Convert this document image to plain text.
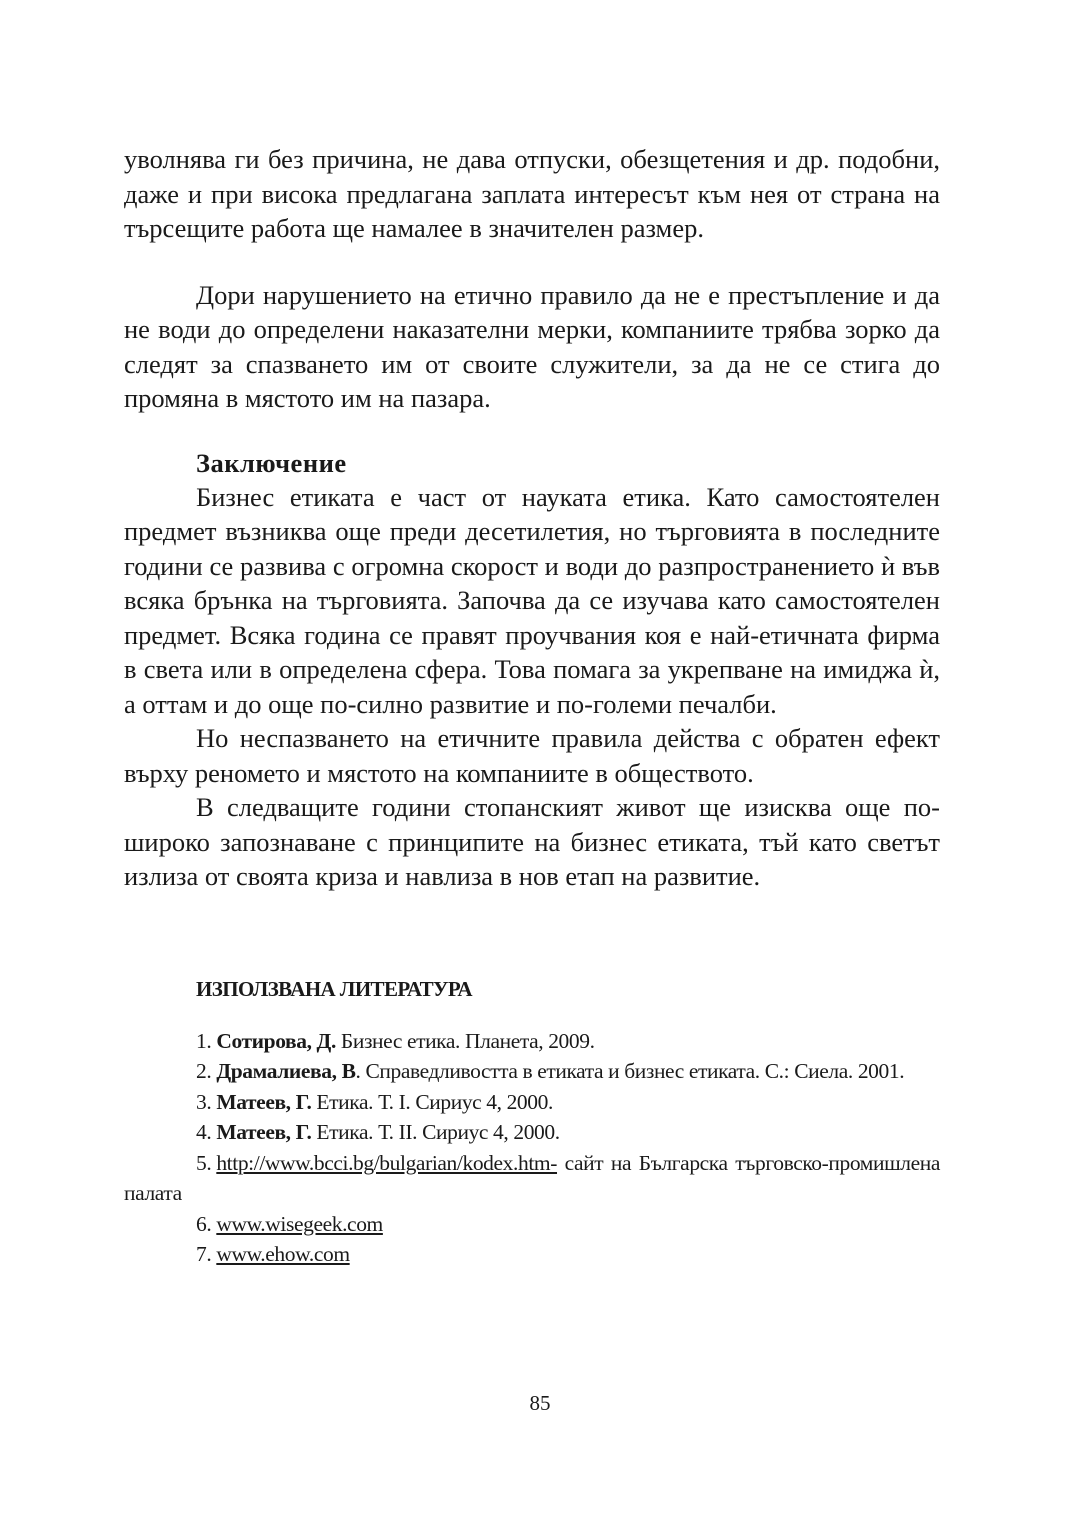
уволнява ги без причина, не дава отпуски, обезщетения и др. подобни, даже и при висока предлагана заплата интересът към нея от страна на търсещите работа ще намалее в значителен размер.

Дори нарушението на етично правило да не е престъпление и да не води до определени наказателни мерки, компаниите трябва зорко да следят за спазването им от своите служители, за да не се стига до промяна в мястото им на пазара.

Заключение

Бизнес етиката е част от науката етика. Като самостоятелен предмет възниква още преди десетилетия, но търговията в последните години се развива с огромна скорост и води до разпространението ѝ във всяка брънка на търговията. Започва да се изучава като самостоятелен предмет. Всяка година се правят проучвания коя е най-етичната фирма в света или в определена сфера. Това помага за укрепване на имиджа ѝ, а оттам и до още по-силно развитие и по-големи печалби.

Но неспазването на етичните правила действа с обратен ефект върху реномето и мястото на компаниите в обществото.

В следващите години стопанският живот ще изисква още по-широко запознаване с принципите на бизнес етиката, тъй като светът излиза от своята криза и навлиза в нов етап на развитие.

ИЗПОЛЗВАНА ЛИТЕРАТУРА
1. Сотирова, Д. Бизнес етика. Планета, 2009.
2. Драмалиева, В. Справедливостта в етиката и бизнес етиката. С.: Сиела. 2001.
3. Матеев, Г. Етика. Т. I. Сириус 4, 2000.
4. Матеев, Г. Етика. Т. II. Сириус 4, 2000.
5. http://www.bcci.bg/bulgarian/kodex.htm- сайт на Българска търговско-промишлена палата
6. www.wisegeek.com
7. www.ehow.com
85
